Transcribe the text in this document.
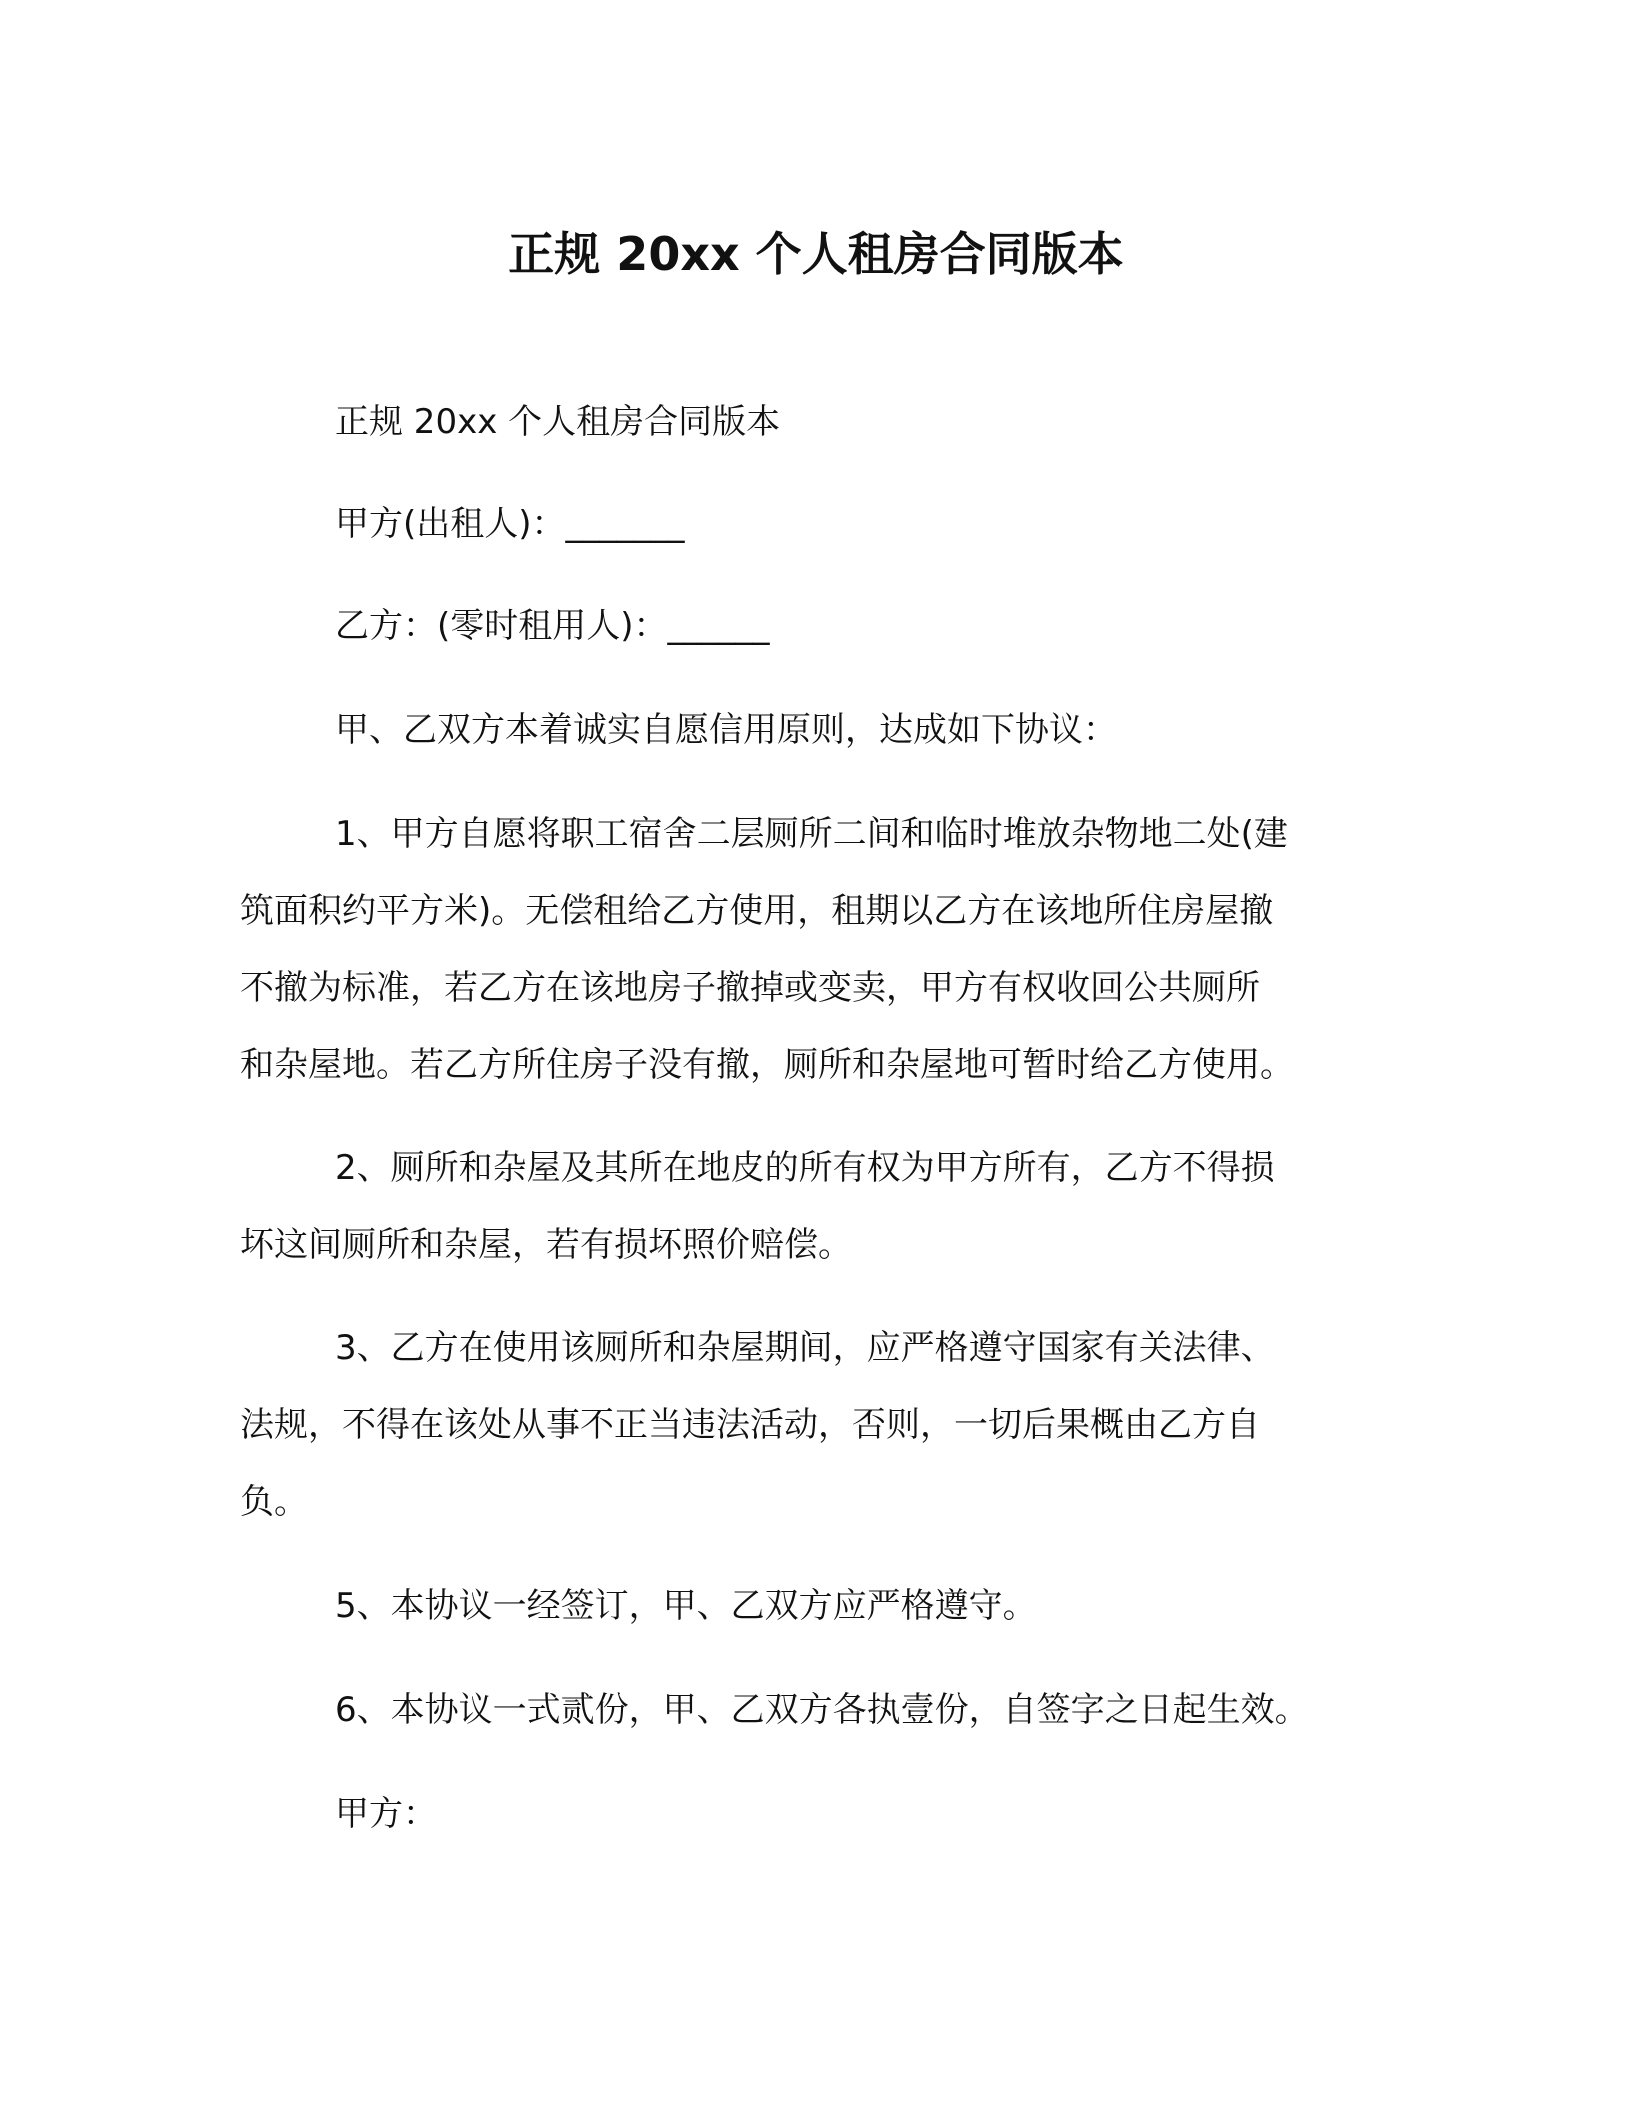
正规 20xx 个人租房合同版本
正规 20xx 个人租房合同版本
甲方(出租人)：_______
乙方：(零时租用人)：______
甲、乙双方本着诚实自愿信用原则，达成如下协议：
1、甲方自愿将职工宿舍二层厕所二间和临时堆放杂物地二处(建
筑面积约平方米)。无偿租给乙方使用，租期以乙方在该地所住房屋撤
不撤为标准，若乙方在该地房子撤掉或变卖，甲方有权收回公共厕所
和杂屋地。若乙方所住房子没有撤，厕所和杂屋地可暂时给乙方使用。
2、厕所和杂屋及其所在地皮的所有权为甲方所有，乙方不得损
坏这间厕所和杂屋，若有损坏照价赔偿。
3、乙方在使用该厕所和杂屋期间，应严格遵守国家有关法律、
法规，不得在该处从事不正当违法活动，否则，一切后果概由乙方自
负。
5、本协议一经签订，甲、乙双方应严格遵守。
6、本协议一式贰份，甲、乙双方各执壹份，自签字之日起生效。
甲方：
